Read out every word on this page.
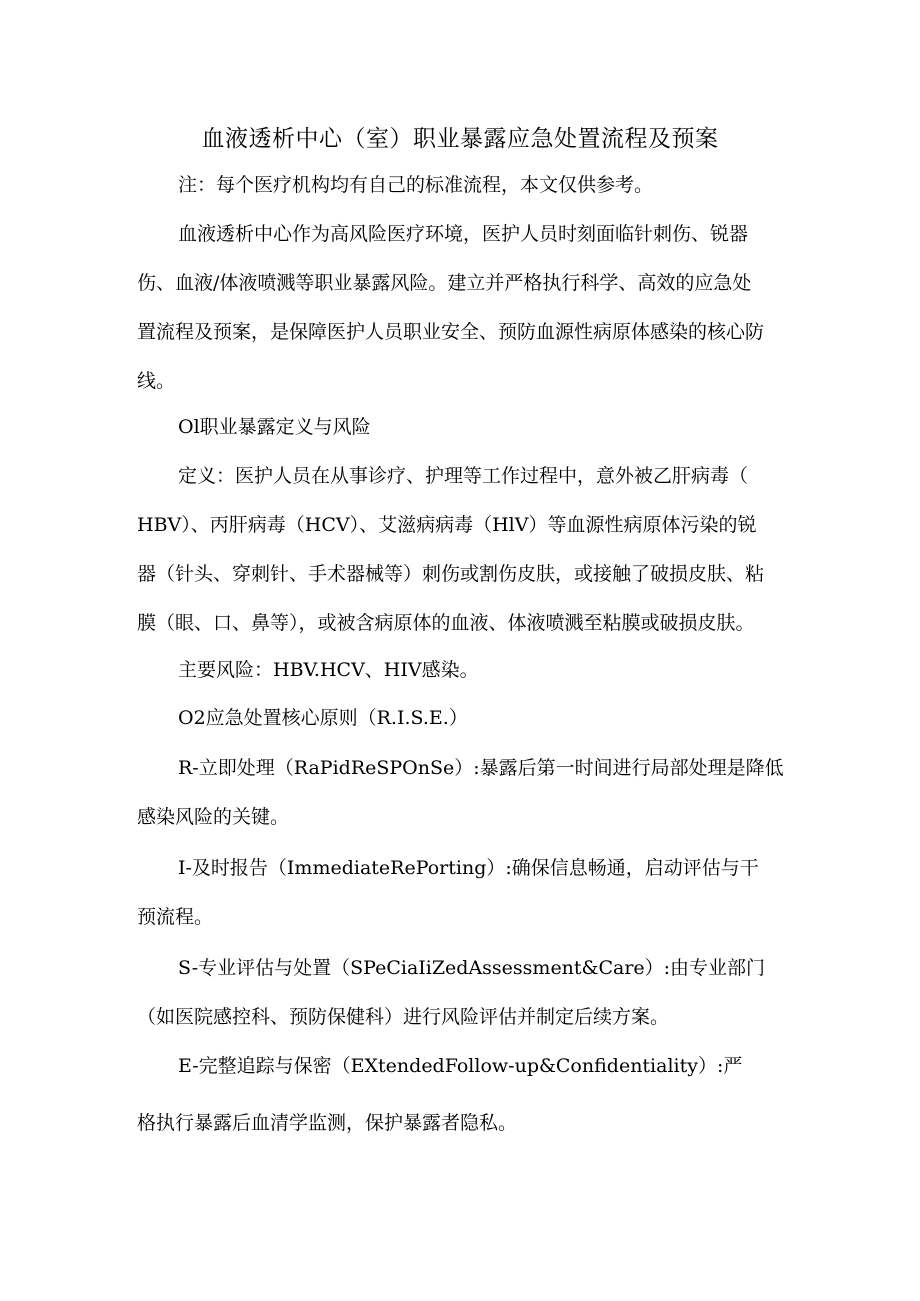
血液透析中心（室）职业暴露应急处置流程及预案
注：每个医疗机构均有自己的标准流程，本文仅供参考。
血液透析中心作为高风险医疗环境，医护人员时刻面临针刺伤、锐器
伤、血液/体液喷溅等职业暴露风险。建立并严格执行科学、高效的应急处
置流程及预案，是保障医护人员职业安全、预防血源性病原体感染的核心防
线。
Ol职业暴露定义与风险
定义：医护人员在从事诊疗、护理等工作过程中，意外被乙肝病毒（
HBV）、丙肝病毒（HCV）、艾滋病病毒（HlV）等血源性病原体污染的锐
器（针头、穿刺针、手术器械等）刺伤或割伤皮肤，或接触了破损皮肤、粘
膜（眼、口、鼻等），或被含病原体的血液、体液喷溅至粘膜或破损皮肤。
主要风险：HBV.HCV、HIV感染。
O2应急处置核心原则（R.I.S.E.）
R-立即处理（RaPidReSPOnSe）:暴露后第一时间进行局部处理是降低
感染风险的关键。
I-及时报告（ImmediateRePorting）:确保信息畅通，启动评估与干
预流程。
S-专业评估与处置（SPeCiaIiZedAssessment&Care）:由专业部门
（如医院感控科、预防保健科）进行风险评估并制定后续方案。
E-完整追踪与保密（EXtendedFollow-up&Confidentiality）:严
格执行暴露后血清学监测，保护暴露者隐私。
